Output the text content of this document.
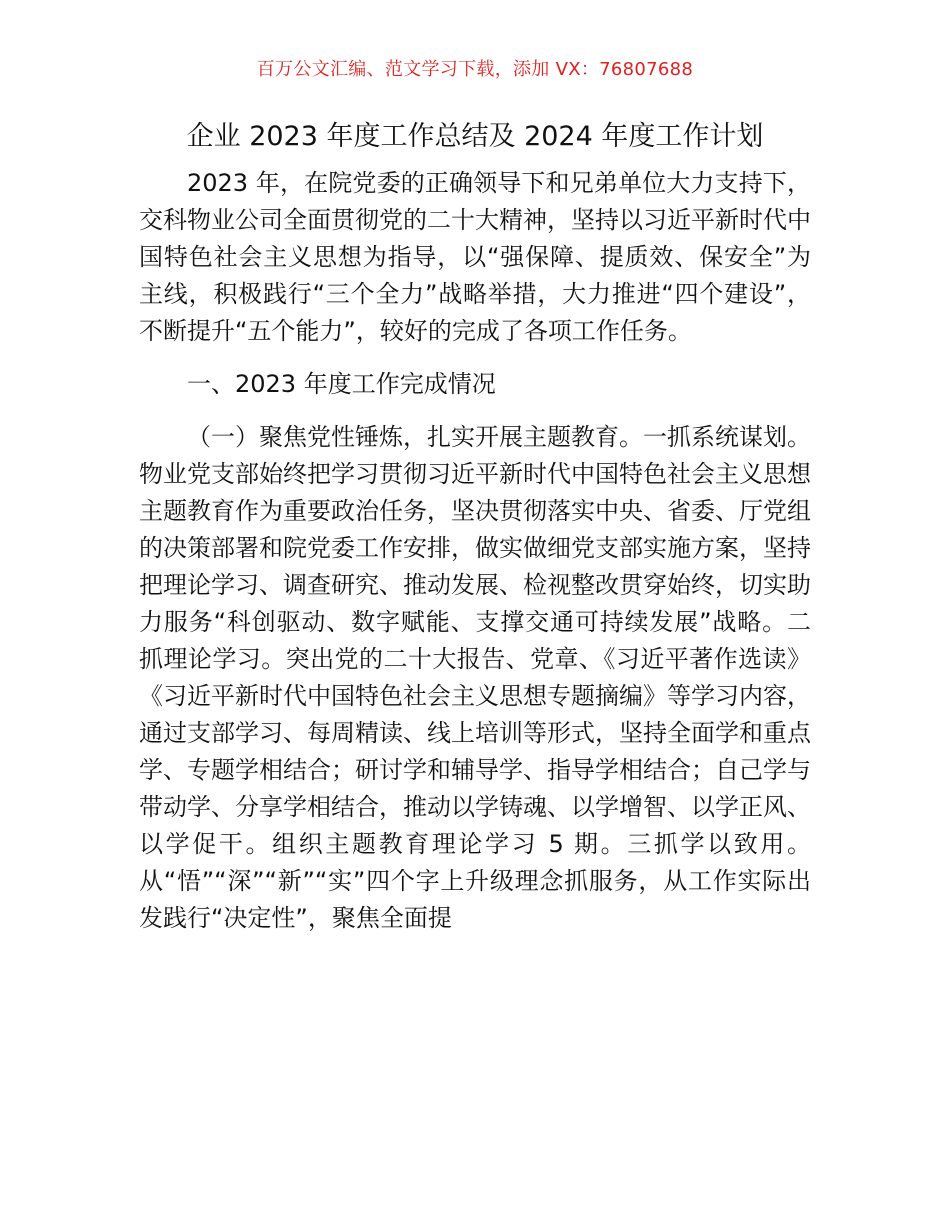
百万公文汇编、范文学习下载，添加 VX：76807688
企业 2023 年度工作总结及 2024 年度工作计划

2023 年，在院党委的正确领导下和兄弟单位大力支持下，交科物业公司全面贯彻党的二十大精神，坚持以习近平新时代中国特色社会主义思想为指导，以“强保障、提质效、保安全”为主线，积极践行“三个全力”战略举措，大力推进“四个建设”，不断提升“五个能力”，较好的完成了各项工作任务。

一、2023 年度工作完成情况

（一）聚焦党性锤炼，扎实开展主题教育。一抓系统谋划。物业党支部始终把学习贯彻习近平新时代中国特色社会主义思想主题教育作为重要政治任务，坚决贯彻落实中央、省委、厅党组的决策部署和院党委工作安排，做实做细党支部实施方案，坚持把理论学习、调查研究、推动发展、检视整改贯穿始终，切实助力服务“科创驱动、数字赋能、支撑交通可持续发展”战略。二抓理论学习。突出党的二十大报告、党章、《习近平著作选读》《习近平新时代中国特色社会主义思想专题摘编》等学习内容，通过支部学习、每周精读、线上培训等形式，坚持全面学和重点学、专题学相结合；研讨学和辅导学、指导学相结合；自己学与带动学、分享学相结合，推动以学铸魂、以学增智、以学正风、以学促干。组织主题教育理论学习 5 期。三抓学以致用。从“悟”“深”“新”“实”四个字上升级理念抓服务，从工作实际出发践行“决定性”，聚焦全面提
